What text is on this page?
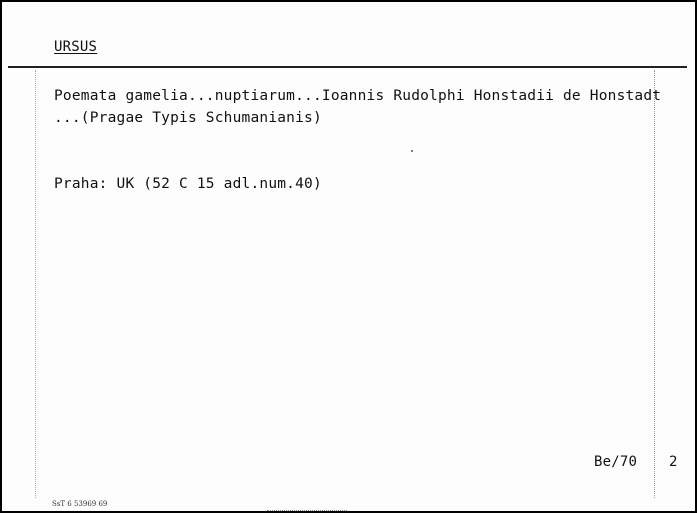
URSUS
Poemata gamelia...nuptiarum...Ioannis Rudolphi Honstadii de Honstadt
...(Pragae Typis Schumanianis)
Praha: UK (52 C 15 adl.num.40)
Be/70 2
SsT 6 53969 69
